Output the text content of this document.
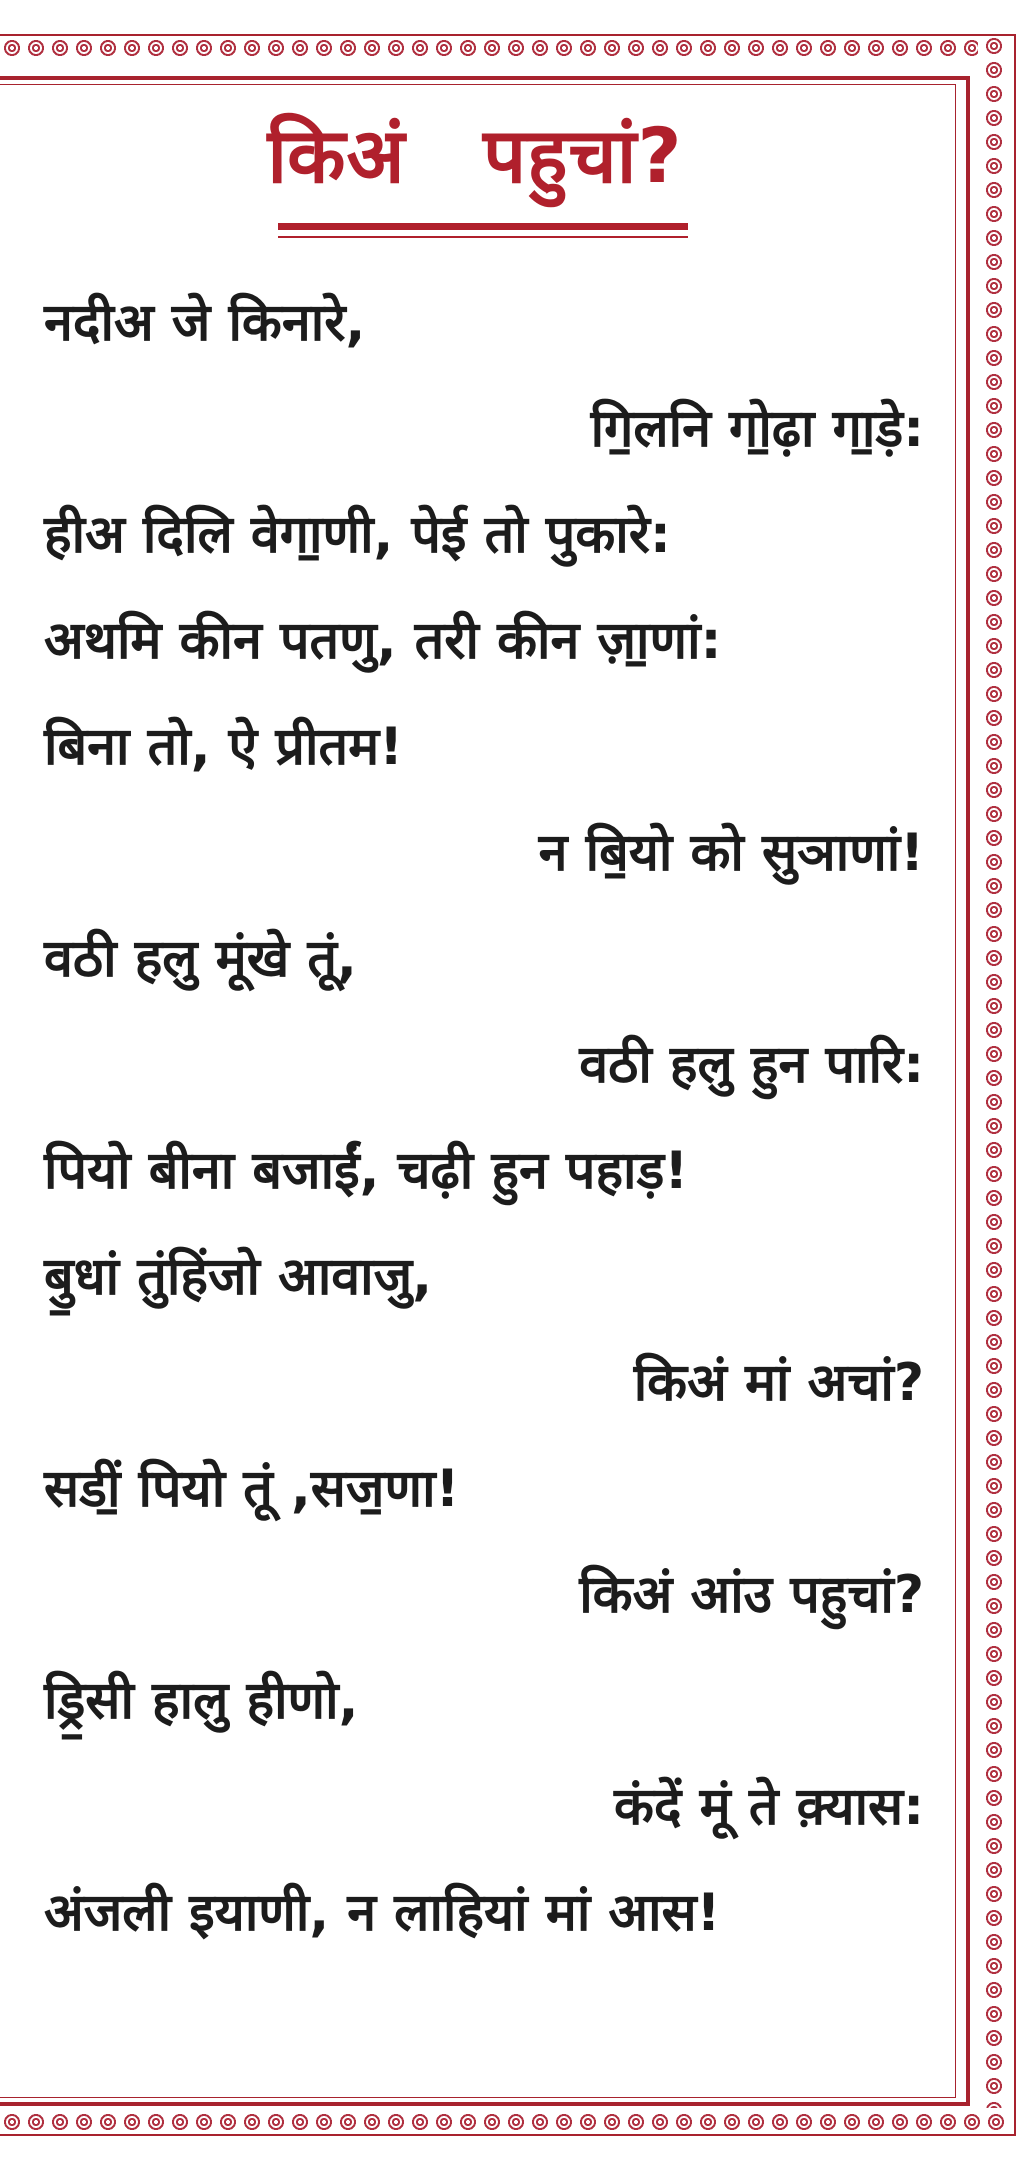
किअं पहुचां?
नदीअ जे किनारे,
गि॒लनि गो॒ढ़ा गा॒ड़े:
हीअ दिलि वेगा॒णी, पेई तो पुकारे:
अथमि कीन पतणु, तरी कीन ज़ा॒णां:
बिना तो, ऐ प्रीतम!
न बि॒यो को सुञाणां!
वठी हलु मूंखे तूं,
वठी हलु हुन पारि:
पियो बीना बजाईं, चढ़ी हुन पहाड़!
बु॒धां तुंहिंजो आवाजु,
किअं मां अचां?
सडीं॒ पियो तूं ,सज॒णा!
किअं आंउ पहुचां?
ड्रि॒सी हालु हीणो,
कंदें मूं ते क़्यास:
अंजली इयाणी, न लाहियां मां आस!
